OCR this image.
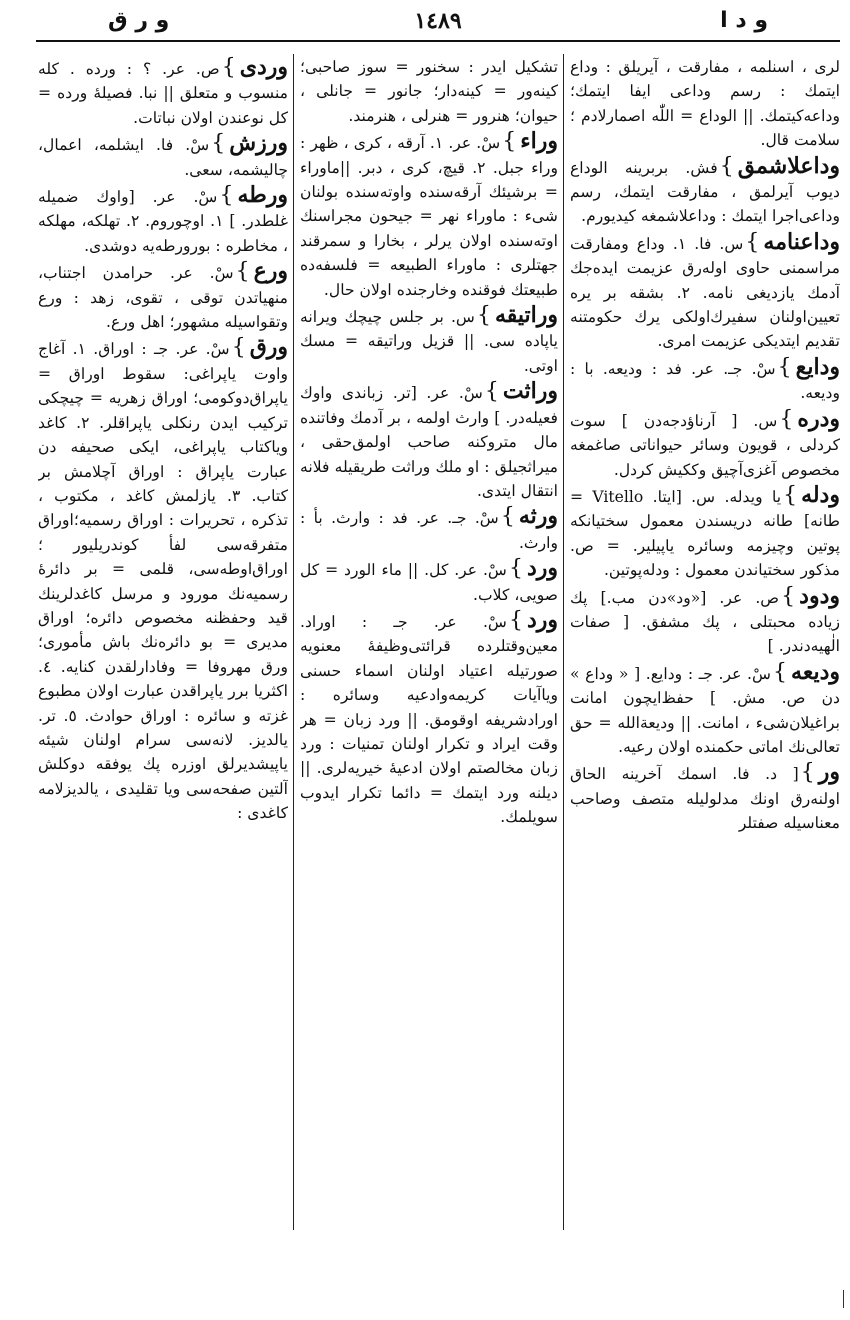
و ر ق	١٤٨٩	و د ا
لری ، اسنلمه ، مفارقت ، آیریلق : وداع ایتمك : رسم وداعی ایفا ایتمك؛ وداعه‌کیتمك. || الوداع = اللّٰه اصمارلادم ؛ سلامت قال.
وداعلاشمق}فش. بربرینه الوداع دیوب آیرلمق ، مفارقت ایتمك، رسم وداعی‌اجرا ایتمك : وداعلاشمغه کیدیورم.
وداعنامه}س. فا. ١. وداع ومفارقت مراسمنی حاوی اولەرق عزیمت ایدەجك آدمك یازدیغی نامه. ٢. بشقه بر یره تعیین‌اولنان سفیرك‌اولکی یرك حکومتنه تقدیم ایتدیکی عزیمت امری.
ودایع}سْ. جـ. عر. فد : ودیعه. با : ودیعه.
ودره}س. [ آرناؤدجه‌دن ] سوت کردلی ، قویون وسائر حیواناتی صاغمغه مخصوص آغزی‌آچیق وککیش کردل.
ودله}یا ویدله. س. [ایتا. Vitello = طانه] طانه دریسندن معمول سختیانکه پوتین وچیزمه وسائره یاپیلیر. = ص. مذکور سختیاندن معمول : ودله‌پوتین.
ودود}ص. عر. [«ود»دن مب.] پك زیاده محبتلی ، پك مشفق. [ صفات الٰهیه‌دندر. ]
ودیعه}سْ. عر. جـ : ودایع. [ « وداع » دن ص. مش. ] حفظ‌ایچون امانت براغیلان‌شیء ، امانت. || ودیعة‌الله = حق تعالی‌نك اماتی حکمنده اولان رعیه.
ور}[ د. فا. اسمك آخرینه الحاق اولنەرق اونك مدلولیله متصف وصاحب معناسیله صفتلر
تشکیل ایدر : سخنور = سوز صاحبی؛ کینه‌ور = کینه‌دار؛ جانور = جانلی ، حیوان؛ هنرور = هنرلی ، هنرمند.
وراء}سْ. عر. ١. آرقه ، کری ، ظهر : وراء جبل. ٢. قیچ، کری ، دبر. ||ماوراء = برشیئك آرقەسنده واوته‌سنده بولنان شیء : ماوراء نهر = جیحون مجراسنك اوته‌سنده اولان یرلر ، بخارا و سمرقند جهتلری : ماوراء الطبیعه = فلسفه‌ده طبیعتك فوقنده وخارجنده اولان حال.
وراتیقه}س. بر جلس چیچك ویرانه یاپاده سی. || قزیل وراتیقه = مسك اوتی.
وراثت}سْ. عر. [تر. زباندی واوك فعیله‌در. ] وارث اولمه ، بر آدمك وفاتنده مال متروکنه صاحب اولمق‌حقی ، میراثجیلق : او ملك وراثت طریقیله فلانه انتقال ایتدی.
ورثه}سْ. جـ. عر. فد : وارث. بأ : وارث.
ورد}سْ. عر. کل. || ماء الورد = کل صویی، کلاب.
ورد}سْ. عر. جـ : اوراد. معین‌وقتلرده قرائتی‌وظیفهٔ معنویه صورتیله اعتیاد اولنان اسماء حسنی ویاآیات کریمه‌وادعیه وسائره : اورادشریفه اوقومق. || ورد زبان = هر وقت ایراد و تکرار اولنان تمنیات : ورد زبان مخالصتم اولان ادعیهٔ خیریه‌لری. || دیلنه ورد ایتمك = دائما تکرار ایدوب سویلمك.
وردی}ص. عر. ؟ : ورده . کله منسوب و متعلق || نبا. فصیلهٔ ورده = کل نوعندن اولان نباتات.
ورزش}سْ. فا. ایشلمه، اعمال، چالیشمه، سعی.
ورطه}سْ. عر. [واوك ضمیله غلطدر. ] ١. اوچوروم. ٢. تهلکه، مهلکه ، مخاطره : بورورطه‌یه دوشدی.
ورع}سْ. عر. حرامدن اجتناب، منهیاتدن توقی ، تقوی، زهد : ورع وتقواسیله مشهور؛ اهل ورع.
ورق}سْ. عر. جـ : اوراق. ١. آغاج واوت یاپراغی: سقوط اوراق = یاپراق‌دوکومی؛ اوراق زهریه = چیچکی ترکیب ایدن رنکلی یاپراقلر. ٢. کاغد ویاکتاب یاپراغی، ایکی صحیفه دن عبارت یاپراق : اوراق آچلامش بر کتاب. ٣. یازلمش کاغد ، مکتوب ، تذکره ، تحریرات : اوراق رسمیه؛اوراق متفرقه‌سی لفأ کوندریلیور ؛ اوراق‌اوطه‌سی، قلمی = بر دائرهٔ رسمیه‌نك مورود و مرسل کاغدلرینك قید وحفظنه مخصوص دائره؛ اوراق مدیری = بو دائره‌نك باش مأموری؛ ورق مهروفا = وفادارلقدن کنایه. ٤. اکثریا برر یاپراقدن عبارت اولان مطبوع غزته و سائره : اوراق حوادث. ٥. تر. یالدیز. لانه‌سی سرام اولنان شیئه یاپیشدیرلق اوزره پك یوفقه دوکلش آلتین صفحه‌سی ویا تقلیدی ، یالدیزلامه کاغدی :
